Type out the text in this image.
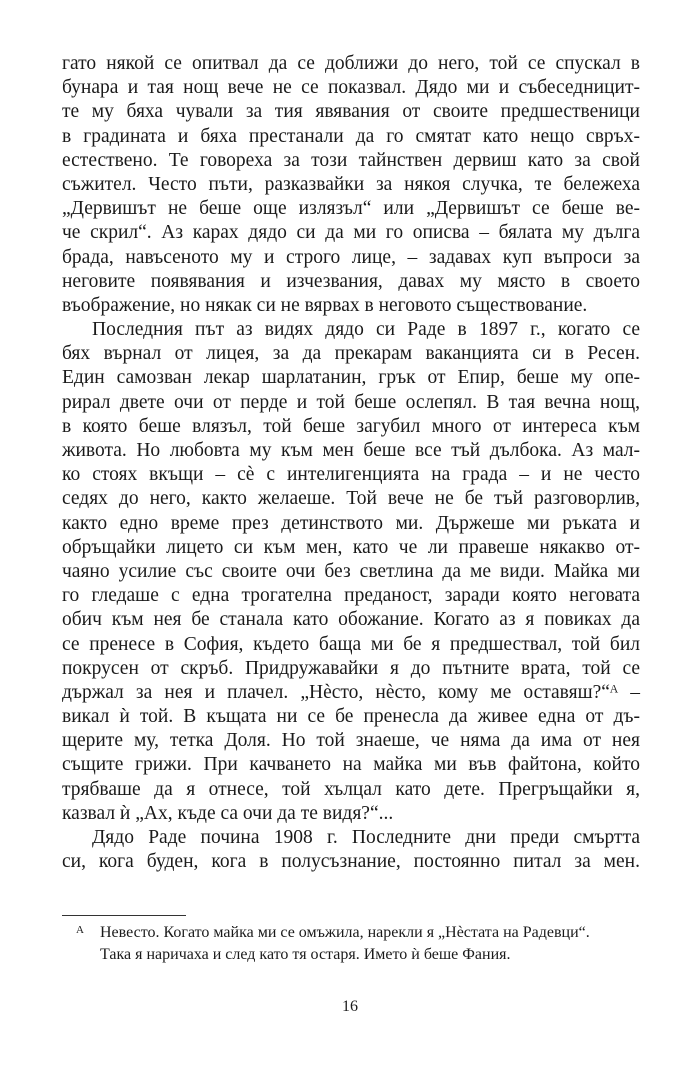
гато някой се опитвал да се доближи до него, той се спускал в
бунара и тая нощ вече не се показвал. Дядо ми и събеседницит-
те му бяха чували за тия явявания от своите предшественици
в градината и бяха престанали да го смятат като нещо свръх-
естествено. Те говореха за този тайнствен дервиш като за свой
съжител. Често пъти, разказвайки за някоя случка, те бележеха
„Дервишът не беше още излязъл“ или „Дервишът се беше ве-
че скрил“. Аз карах дядо си да ми го описва – бялата му дълга
брада, навъсеното му и строго лице, – задавах куп въпроси за
неговите появявания и изчезвания, давах му място в своето
въображение, но някак си не вярвах в неговото съществование.
Последния път аз видях дядо си Раде в 1897 г., когато се
бях върнал от лицея, за да прекарам ваканцията си в Ресен.
Един самозван лекар шарлатанин, грък от Епир, беше му опе-
рирал двете очи от перде и той беше ослепял. В тая вечна нощ,
в която беше влязъл, той беше загубил много от интереса към
живота. Но любовта му към мен беше все тъй дълбока. Аз мал-
ко стоях вкъщи – сѐ с интелигенцията на града – и не често
седях до него, както желаеше. Той вече не бе тъй разговорлив,
както едно време през детинството ми. Държеше ми ръката и
обръщайки лицето си към мен, като че ли правеше някакво от-
чаяно усилие със своите очи без светлина да ме види. Майка ми
го гледаше с една трогателна преданост, заради която неговата
обич към нея бе станала като обожание. Когато аз я повиках да
се пренесе в София, където баща ми бе я предшествал, той бил
покрусен от скръб. Придружавайки я до пътните врата, той се
държал за нея и плачел. „Нѐсто, нѐсто, кому ме оставяш?“ᴬ –
викал ѝ той. В къщата ни се бе пренесла да живее една от дъ-
щерите му, тетка Доля. Но той знаеше, че няма да има от нея
същите грижи. При качването на майка ми във файтона, който
трябваше да я отнесе, той хълцал като дете. Прегръщайки я,
казвал ѝ „Ах, къде са очи да те видя?“...
Дядо Раде почина 1908 г. Последните дни преди смъртта
си, кога буден, кога в полусъзнание, постоянно питал за мен.
A Невесто. Когато майка ми се омъжила, нарекли я „Нѐстата на Радевци“.
Така я наричаха и след като тя остаря. Името ѝ беше Фания.
16
